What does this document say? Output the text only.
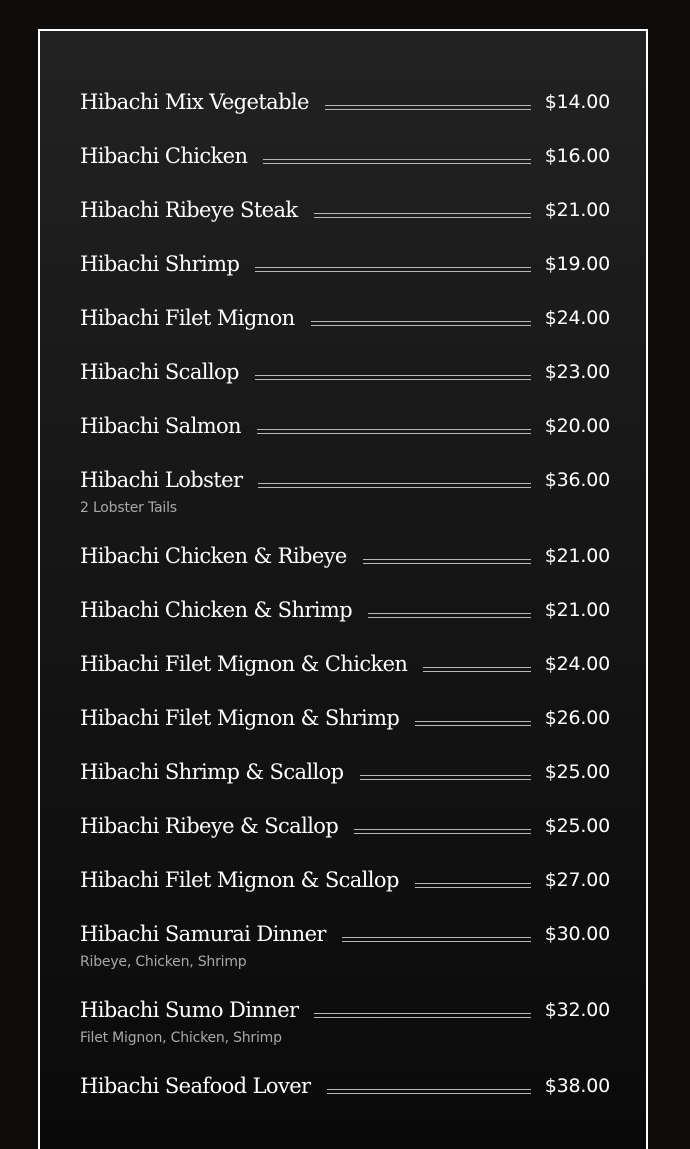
Hibachi Mix Vegetable	$14.00
Hibachi Chicken	$16.00
Hibachi Ribeye Steak	$21.00
Hibachi Shrimp	$19.00
Hibachi Filet Mignon	$24.00
Hibachi Scallop	$23.00
Hibachi Salmon	$20.00
Hibachi Lobster	$36.00
2 Lobster Tails
Hibachi Chicken & Ribeye	$21.00
Hibachi Chicken & Shrimp	$21.00
Hibachi Filet Mignon & Chicken	$24.00
Hibachi Filet Mignon & Shrimp	$26.00
Hibachi Shrimp & Scallop	$25.00
Hibachi Ribeye & Scallop	$25.00
Hibachi Filet Mignon & Scallop	$27.00
Hibachi Samurai Dinner	$30.00
Ribeye, Chicken, Shrimp
Hibachi Sumo Dinner	$32.00
Filet Mignon, Chicken, Shrimp
Hibachi Seafood Lover	$38.00
